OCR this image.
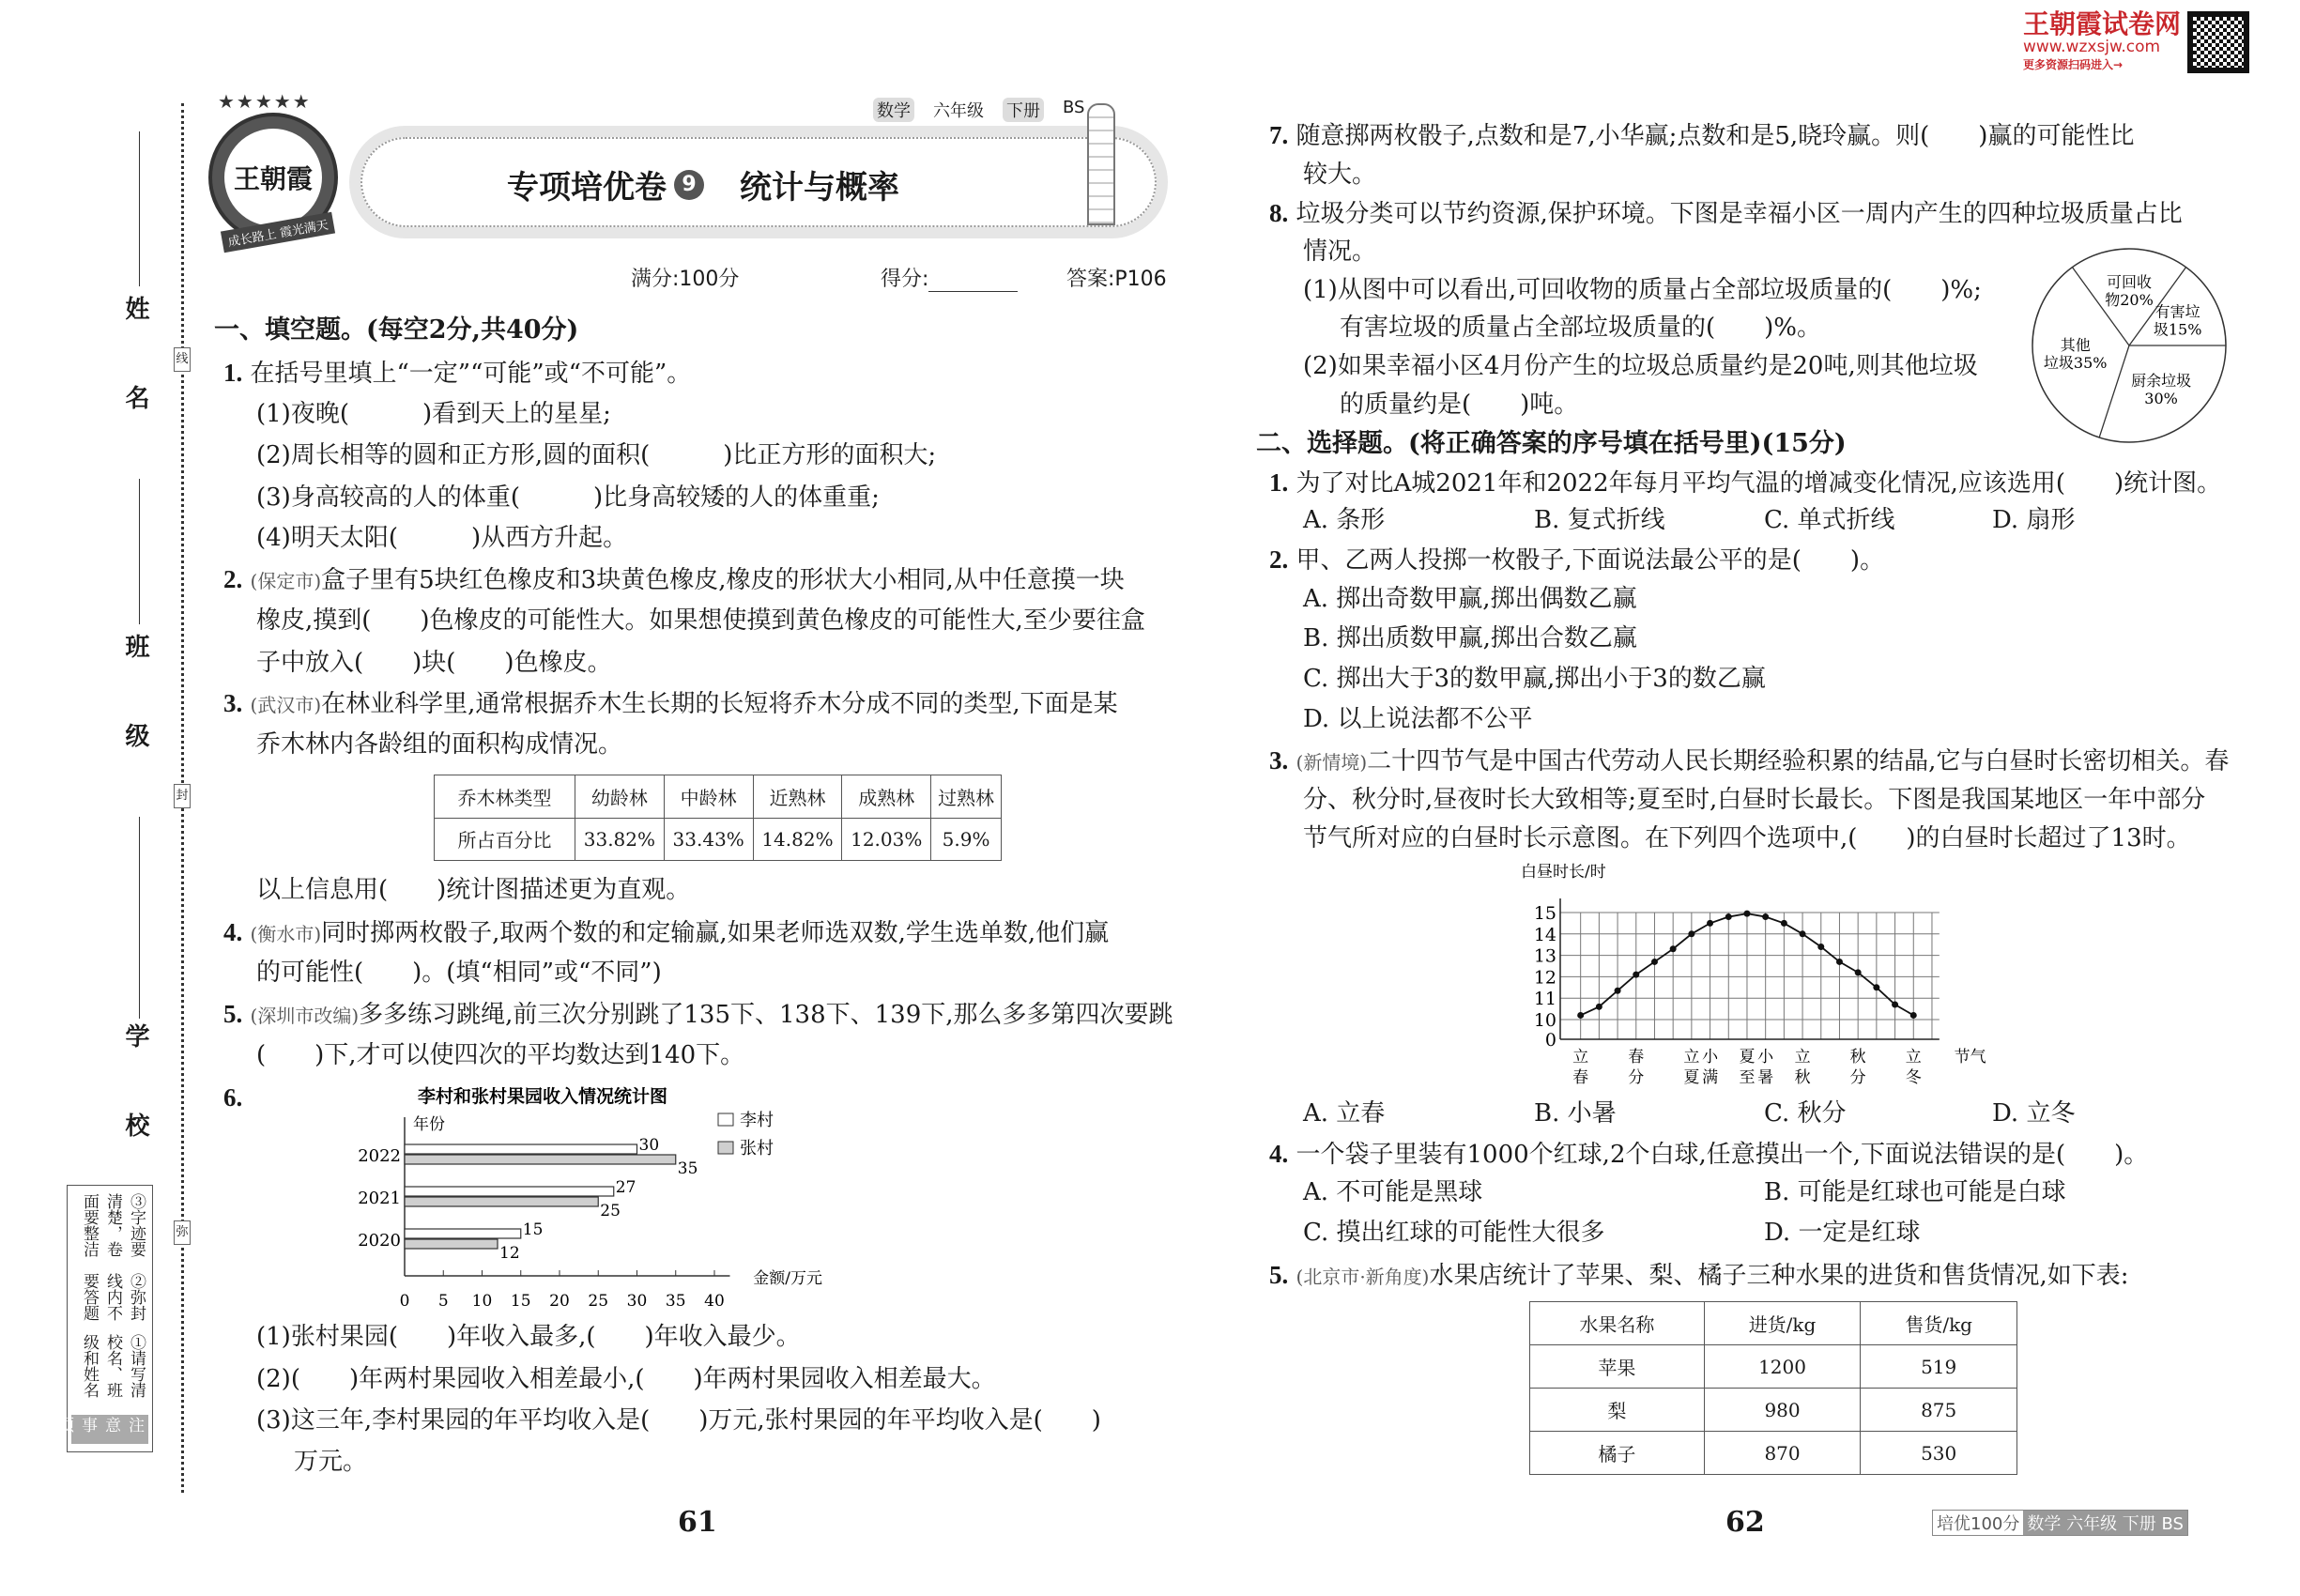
王朝霞试卷网
www.wzxsjw.com
更多资源扫码进入→
姓 名
班 级
学 校
线
封
弥
注意事项
①请写清校名、班级和姓名
②弥封线内不要答题
③字迹要清楚，卷面要整洁
王朝霞
★★★★★
成长路上 霞光满天
专项培优卷 9 统计与概率
数学 六年级 下册 BS
满分:100分	得分:	答案:P106
一、填空题。(每空2分,共40分)
1. 在括号里填上“一定”“可能”或“不可能”。
(1)夜晚(　　　)看到天上的星星;
(2)周长相等的圆和正方形,圆的面积(　　　)比正方形的面积大;
(3)身高较高的人的体重(　　　)比身高较矮的人的体重重;
(4)明天太阳(　　　)从西方升起。
2. (保定市)盒子里有5块红色橡皮和3块黄色橡皮,橡皮的形状大小相同,从中任意摸一块
橡皮,摸到(　　)色橡皮的可能性大。如果想使摸到黄色橡皮的可能性大,至少要往盒
子中放入(　　)块(　　)色橡皮。
3. (武汉市)在林业科学里,通常根据乔木生长期的长短将乔木分成不同的类型,下面是某
乔木林内各龄组的面积构成情况。
乔木林类型	幼龄林	中龄林	近熟林	成熟林	过熟林
所占百分比	33.82%	33.43%	14.82%	12.03%	5.9%
以上信息用(　　)统计图描述更为直观。
4. (衡水市)同时掷两枚骰子,取两个数的和定输赢,如果老师选双数,学生选单数,他们赢
的可能性(　　)。(填“相同”或“不同”)
5. (深圳市改编)多多练习跳绳,前三次分别跳了135下、138下、139下,那么多多第四次要跳
(　　)下,才可以使四次的平均数达到140下。
6.	李村和张村果园收入情况统计图
年份
金额/万元
0 5 10 15 20 25 30 35 40
2022
30
35
2021
27
25
2020
15
12
李村
张村
(1)张村果园(　　)年收入最多,(　　)年收入最少。
(2)(　　)年两村果园收入相差最小,(　　)年两村果园收入相差最大。
(3)这三年,李村果园的年平均收入是(　　)万元,张村果园的年平均收入是(　　)
万元。
61
7. 随意掷两枚骰子,点数和是7,小华赢;点数和是5,晓玲赢。则(　　)赢的可能性比
较大。
8. 垃圾分类可以节约资源,保护环境。下图是幸福小区一周内产生的四种垃圾质量占比
情况。
(1)从图中可以看出,可回收物的质量占全部垃圾质量的(　　)%;
有害垃圾的质量占全部垃圾质量的(　　)%。
(2)如果幸福小区4月份产生的垃圾总质量约是20吨,则其他垃圾
的质量约是(　　)吨。
厨余垃圾
30%
其他
垃圾35%
可回收
物20%
有害垃
圾15%
二、选择题。(将正确答案的序号填在括号里)(15分)
1. 为了对比A城2021年和2022年每月平均气温的增减变化情况,应该选用(　　)统计图。
A. 条形	B. 复式折线	C. 单式折线	D. 扇形
2. 甲、乙两人投掷一枚骰子,下面说法最公平的是(　　)。
A. 掷出奇数甲赢,掷出偶数乙赢
B. 掷出质数甲赢,掷出合数乙赢
C. 掷出大于3的数甲赢,掷出小于3的数乙赢
D. 以上说法都不公平
3. (新情境)二十四节气是中国古代劳动人民长期经验积累的结晶,它与白昼时长密切相关。春
分、秋分时,昼夜时长大致相等;夏至时,白昼时长最长。下图是我国某地区一年中部分
节气所对应的白昼时长示意图。在下列四个选项中,(　　)的白昼时长超过了13时。
白昼时长/时
0
10
11
12
13
14
15
立
春
春
分
立
夏
小
满
夏
至
小
暑
立
秋
秋
分
立
冬
节气
A. 立春	B. 小暑	C. 秋分	D. 立冬
4. 一个袋子里装有1000个红球,2个白球,任意摸出一个,下面说法错误的是(　　)。
A. 不可能是黑球	B. 可能是红球也可能是白球
C. 摸出红球的可能性大很多	D. 一定是红球
5. (北京市·新角度)水果店统计了苹果、梨、橘子三种水果的进货和售货情况,如下表:
水果名称	进货/kg	售货/kg
苹果	1200	519
梨	980	875
橘子	870	530
62	培优100分 数学 六年级 下册 BS
